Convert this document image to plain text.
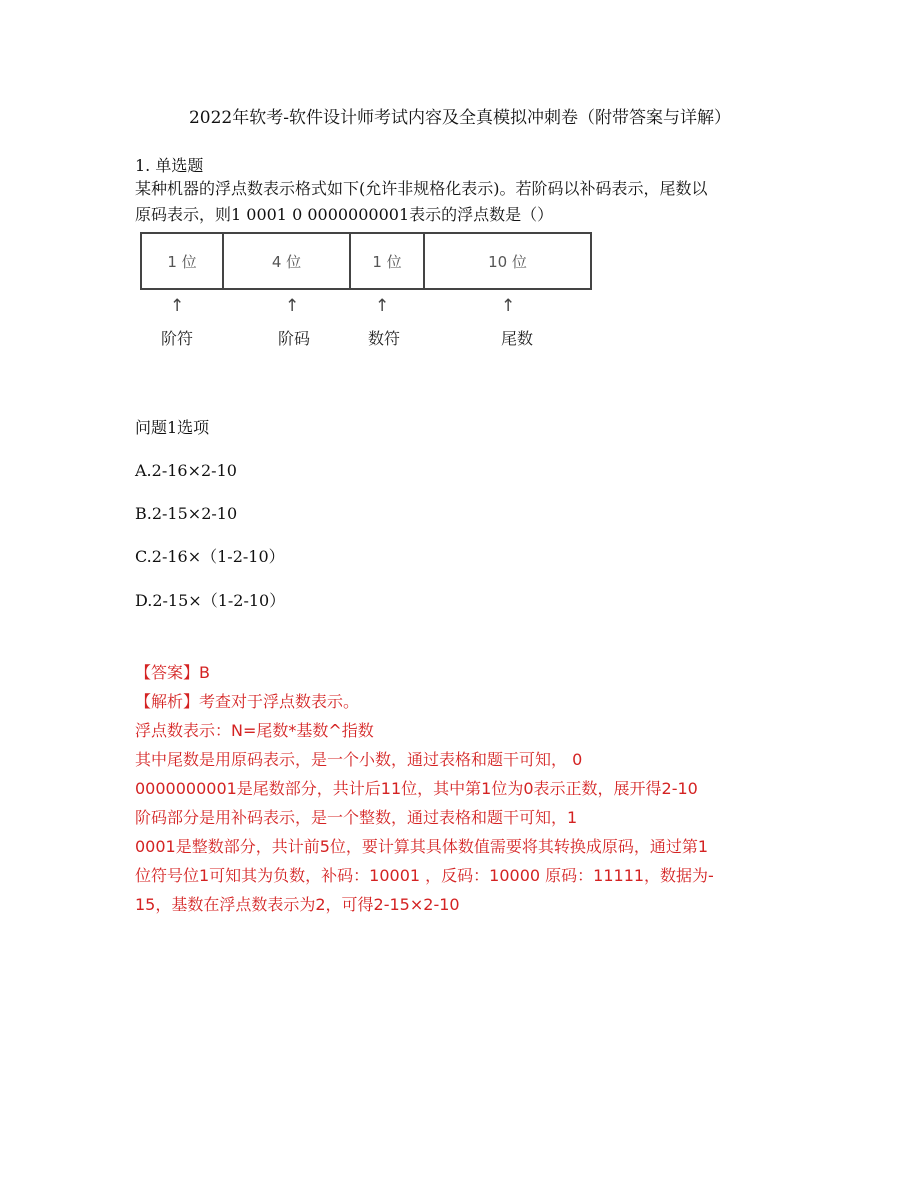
2022年软考-软件设计师考试内容及全真模拟冲刺卷（附带答案与详解）
1. 单选题
某种机器的浮点数表示格式如下(允许非规格化表示)。若阶码以补码表示，尾数以
原码表示，则1 0001 0 0000000001表示的浮点数是（）
1 位	4 位	1 位	10 位
↑	↑	↑	↑
阶符	阶码	数符	尾数
问题1选项
A.2-16×2-10
B.2-15×2-10
C.2-16×（1-2-10）
D.2-15×（1-2-10）
【答案】B
【解析】考查对于浮点数表示。
浮点数表示：N=尾数*基数^指数
其中尾数是用原码表示，是一个小数，通过表格和题干可知， 0
0000000001是尾数部分，共计后11位，其中第1位为0表示正数，展开得2-10
阶码部分是用补码表示，是一个整数，通过表格和题干可知，1
0001是整数部分，共计前5位，要计算其具体数值需要将其转换成原码，通过第1
位符号位1可知其为负数，补码：10001 ，反码：10000 原码：11111，数据为-
15，基数在浮点数表示为2，可得2-15×2-10
